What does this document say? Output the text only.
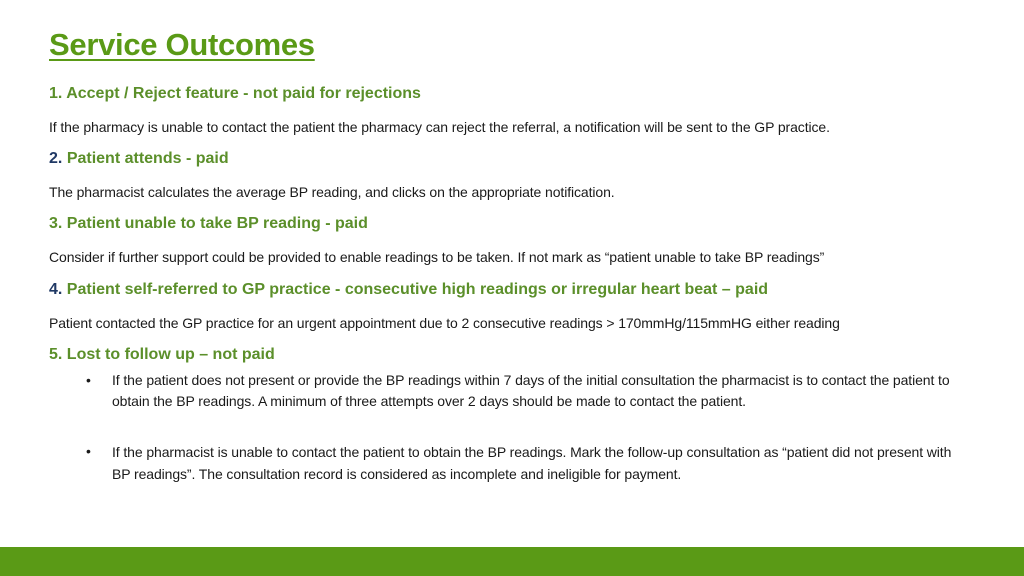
Service Outcomes
1. Accept / Reject feature - not paid for rejections
If the pharmacy is unable to contact the patient the pharmacy can reject the referral, a notification will be sent to the GP practice.
2. Patient attends - paid
The pharmacist calculates the average BP reading, and clicks on the appropriate notification.
3. Patient unable to take BP reading - paid
Consider if further support could be provided to enable readings to be taken. If not mark as “patient unable to take BP readings”
4. Patient self-referred to GP practice - consecutive high readings or irregular heart beat – paid
Patient contacted the GP practice for an urgent appointment due to 2 consecutive readings > 170mmHg/115mmHG either reading
5. Lost to follow up – not paid
• If the patient does not present or provide the BP readings within 7 days of the initial consultation the pharmacist is to contact the patient to obtain the BP readings. A minimum of three attempts over 2 days should be made to contact the patient.
• If the pharmacist is unable to contact the patient to obtain the BP readings. Mark the follow-up consultation as “patient did not present with BP readings”. The consultation record is considered as incomplete and ineligible for payment.
